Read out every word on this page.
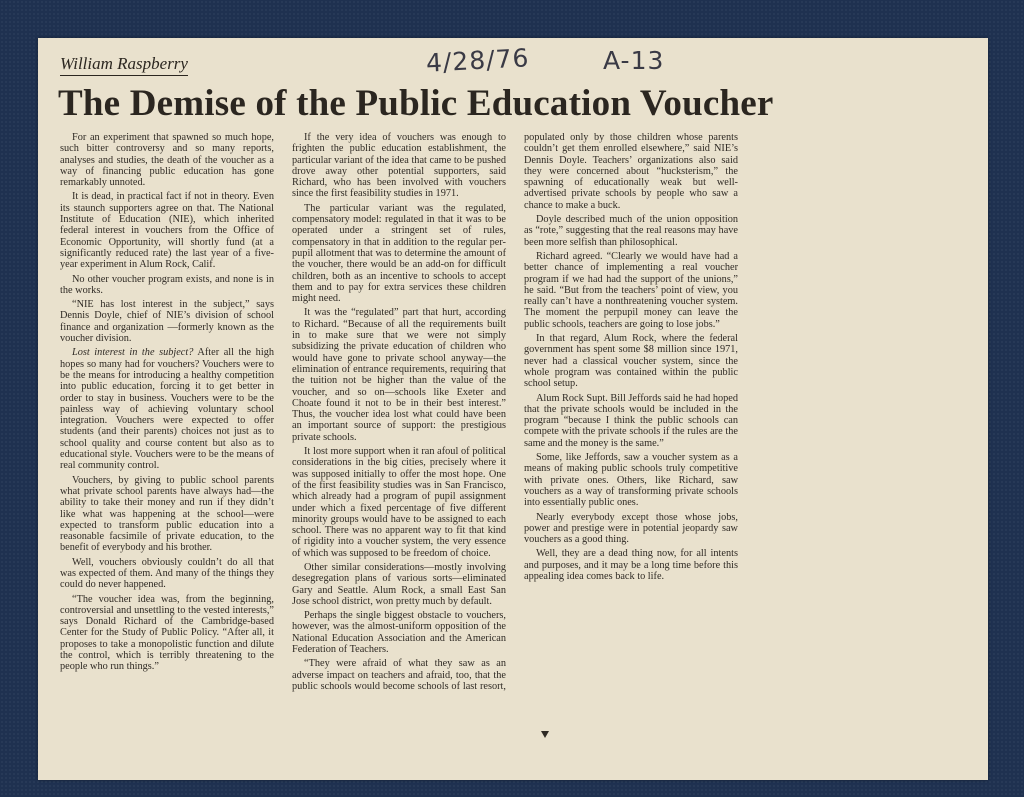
William Raspberry	4/28/76	A-13
The Demise of the Public Education Voucher

For an experiment that spawned so much hope, such bitter controversy and so many reports, analyses and studies, the death of the voucher as a way of financing public education has gone remarkably unnoted.

It is dead, in practical fact if not in theory. Even its staunch supporters agree on that. The National Institute of Education (NIE), which inherited federal interest in vouchers from the Office of Economic Opportunity, will shortly fund (at a significantly reduced rate) the last year of a five-year experiment in Alum Rock, Calif.

No other voucher program exists, and none is in the works.

“NIE has lost interest in the subject,” says Dennis Doyle, chief of NIE’s division of school finance and organization —formerly known as the voucher division.

Lost interest in the subject? After all the high hopes so many had for vouchers? Vouchers were to be the means for introducing a healthy competition into public education, forcing it to get better in order to stay in business. Vouchers were to be the painless way of achieving voluntary school integration. Vouchers were expected to offer students (and their parents) choices not just as to school quality and course content but also as to educational style. Vouchers were to be the means of real community control.

Vouchers, by giving to public school parents what private school parents have always had—the ability to take their money and run if they didn’t like what was happening at the school—were expected to transform public education into a reasonable facsimile of private education, to the benefit of everybody and his brother.

Well, vouchers obviously couldn’t do all that was expected of them. And many of the things they could do never happened.

“The voucher idea was, from the beginning, controversial and unsettling to the vested interests,” says Donald Richard of the Cambridge-based Center for the Study of Public Policy. “After all, it proposes to take a monopolistic function and dilute the control, which is terribly threatening to the people who run things.”

If the very idea of vouchers was enough to frighten the public education establishment, the particular variant of the idea that came to be pushed drove away other potential supporters, said Richard, who has been involved with vouchers since the first feasibility studies in 1971.

The particular variant was the regulated, compensatory model: regulated in that it was to be operated under a stringent set of rules, compensatory in that in addition to the regular per-pupil allotment that was to determine the amount of the voucher, there would be an add-on for difficult children, both as an incentive to schools to accept them and to pay for extra services these children might need.

It was the “regulated” part that hurt, according to Richard. “Because of all the requirements built in to make sure that we were not simply subsidizing the private education of children who would have gone to private school anyway—the elimination of entrance requirements, requiring that the tuition not be higher than the value of the voucher, and so on—schools like Exeter and Choate found it not to be in their best interest.” Thus, the voucher idea lost what could have been an important source of support: the prestigious private schools.

It lost more support when it ran afoul of political considerations in the big cities, precisely where it was supposed initially to offer the most hope. One of the first feasibility studies was in San Francisco, which already had a program of pupil assignment under which a fixed percentage of five different minority groups would have to be assigned to each school. There was no apparent way to fit that kind of rigidity into a voucher system, the very essence of which was supposed to be freedom of choice.

Other similar considerations—mostly involving desegregation plans of various sorts—eliminated Gary and Seattle. Alum Rock, a small East San Jose school district, won pretty much by default.

Perhaps the single biggest obstacle to vouchers, however, was the almost-uniform opposition of the National Education Association and the American Federation of Teachers.

“They were afraid of what they saw as an adverse impact on teachers and afraid, too, that the public schools would become schools of last resort, populated only by those children whose parents couldn’t get them enrolled elsewhere,” said NIE’s Dennis Doyle. Teachers’ organizations also said they were concerned about “hucksterism,” the spawning of educationally weak but well-advertised private schools by people who saw a chance to make a buck.

Doyle described much of the union opposition as “rote,” suggesting that the real reasons may have been more selfish than philosophical.

Richard agreed. “Clearly we would have had a better chance of implementing a real voucher program if we had had the support of the unions,” he said. “But from the teachers’ point of view, you really can’t have a nonthreatening voucher system. The moment the perpupil money can leave the public schools, teachers are going to lose jobs.”

In that regard, Alum Rock, where the federal government has spent some $8 million since 1971, never had a classical voucher system, since the whole program was contained within the public school setup.

Alum Rock Supt. Bill Jeffords said he had hoped that the private schools would be included in the program “because I think the public schools can compete with the private schools if the rules are the same and the money is the same.”

Some, like Jeffords, saw a voucher system as a means of making public schools truly competitive with private ones. Others, like Richard, saw vouchers as a way of transforming private schools into essentially public ones.

Nearly everybody except those whose jobs, power and prestige were in potential jeopardy saw vouchers as a good thing.

Well, they are a dead thing now, for all intents and purposes, and it may be a long time before this appealing idea comes back to life.
